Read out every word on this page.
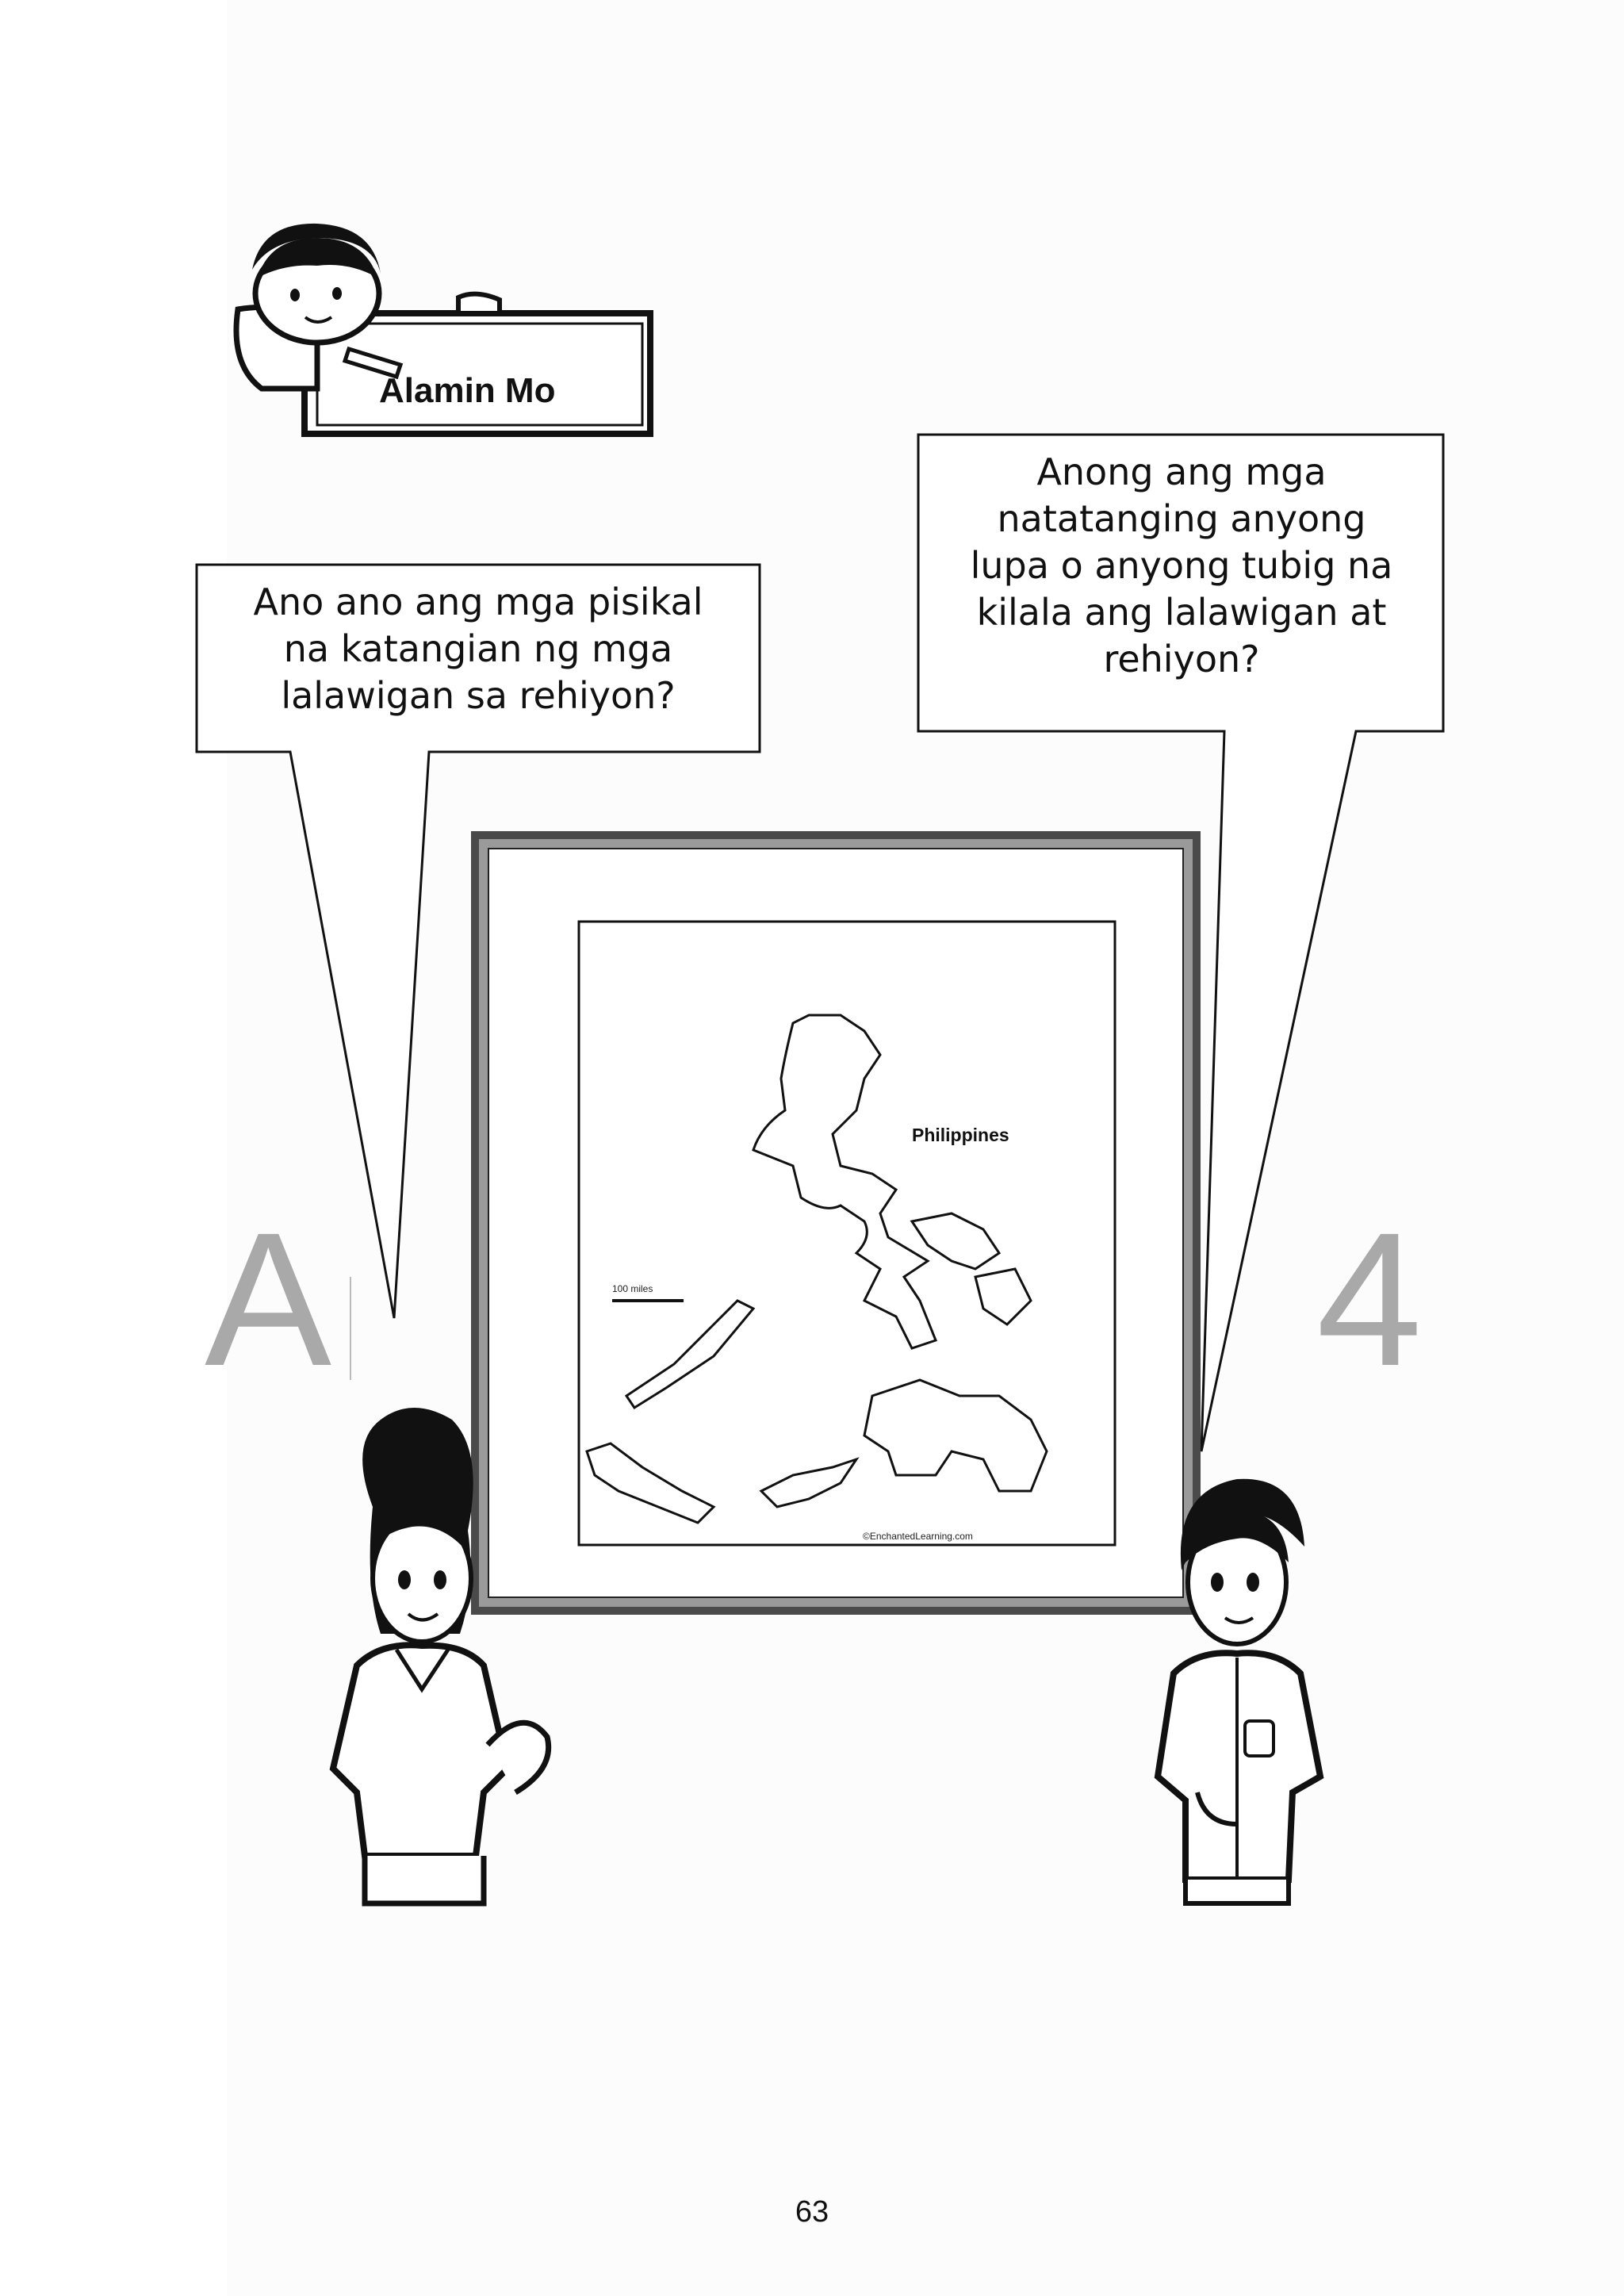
Alamin Mo
Ano ano ang mga pisikal
na katangian ng mga
lalawigan sa rehiyon?
Anong ang mga
natatanging anyong
lupa o anyong tubig na
kilala ang lalawigan at
rehiyon?
A	4
Philippines
100 miles
©EnchantedLearning.com
63
